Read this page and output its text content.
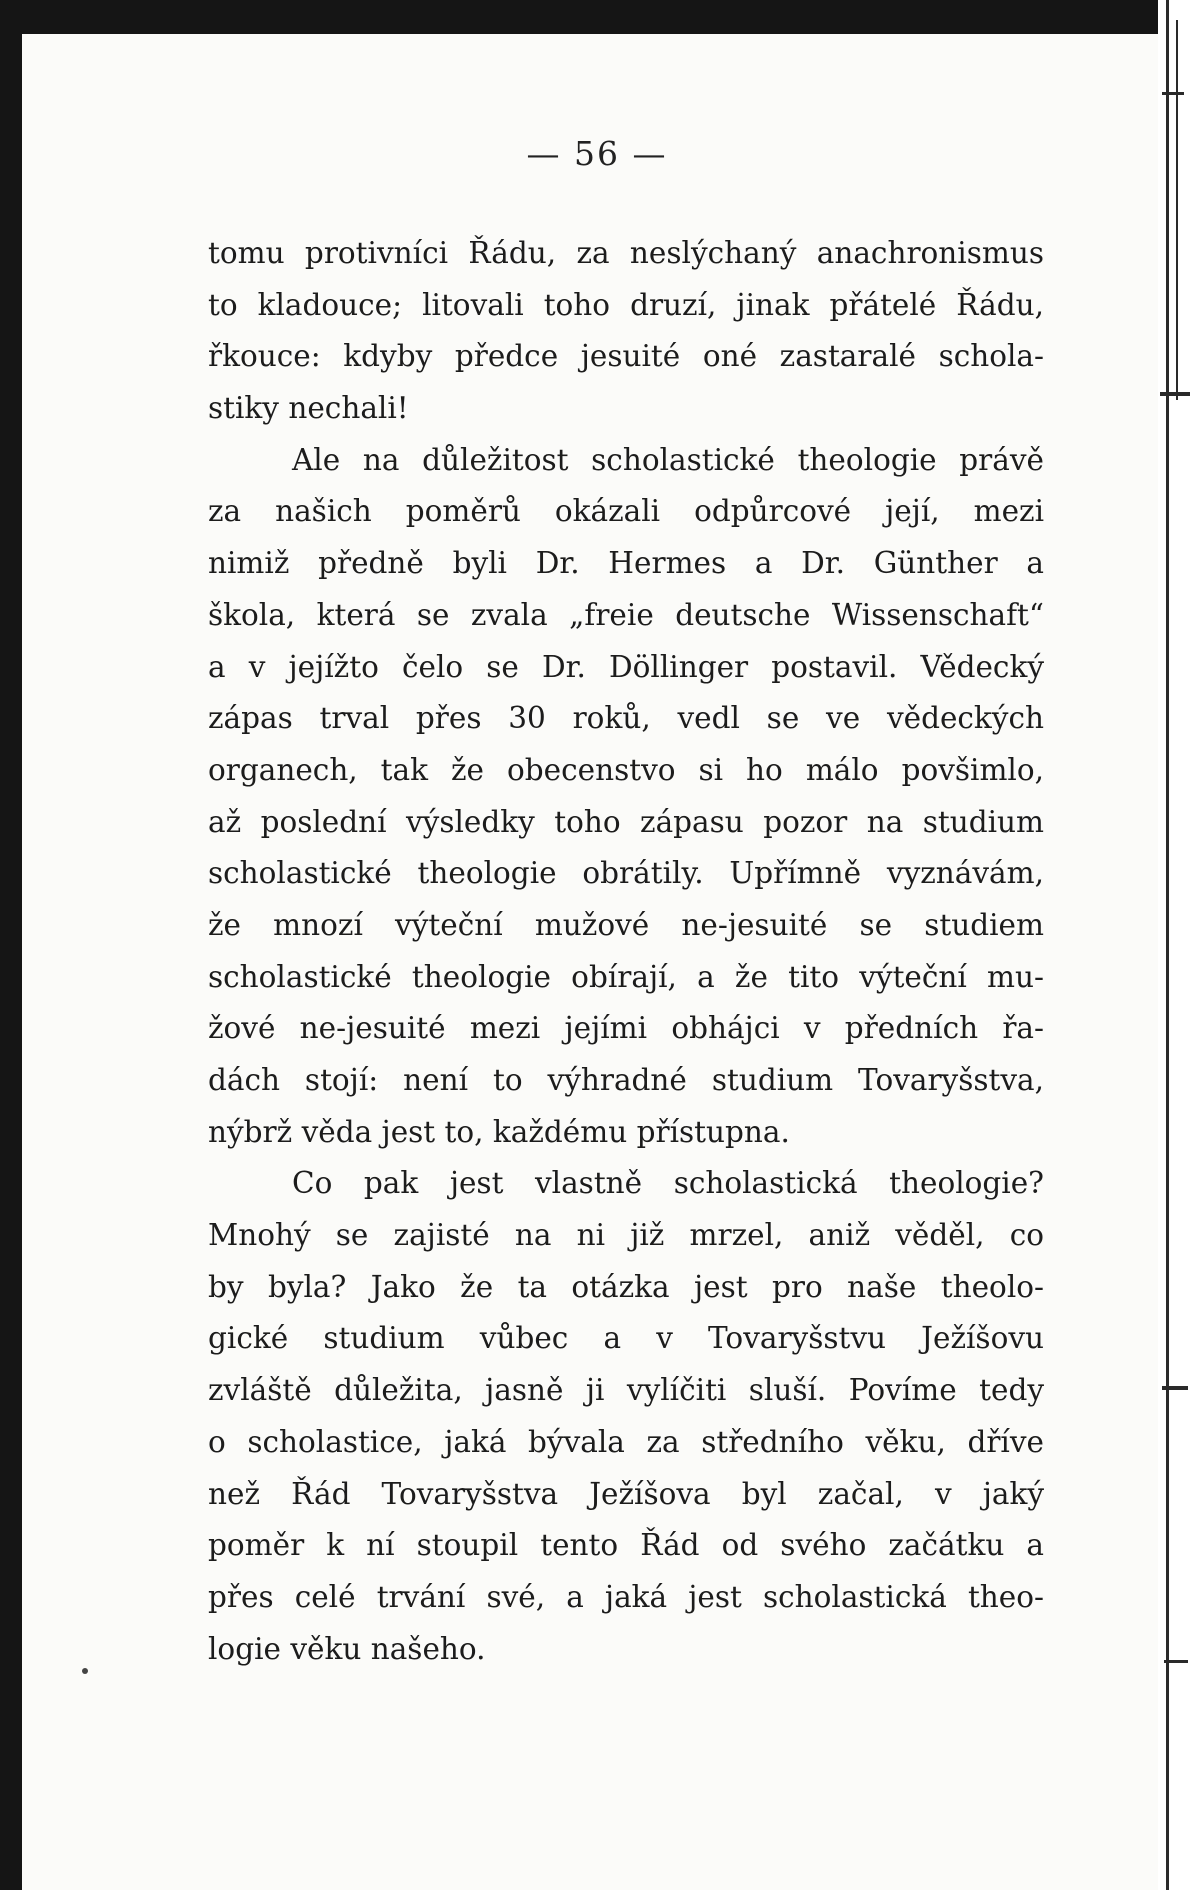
— 56 —
tomu protivníci Řádu, za neslýchaný anachronismus
to kladouce; litovali toho druzí, jinak přátelé Řádu,
řkouce: kdyby předce jesuité oné zastaralé schola-
stiky nechali!
Ale na důležitost scholastické theologie právě
za našich poměrů okázali odpůrcové její, mezi
nimiž předně byli Dr. Hermes a Dr. Günther a
škola, která se zvala „freie deutsche Wissenschaft“
a v jejížto čelo se Dr. Döllinger postavil. Vědecký
zápas trval přes 30 roků, vedl se ve vědeckých
organech, tak že obecenstvo si ho málo povšimlo,
až poslední výsledky toho zápasu pozor na studium
scholastické theologie obrátily. Upřímně vyznávám,
že mnozí výteční mužové ne-jesuité se studiem
scholastické theologie obírají, a že tito výteční mu-
žové ne-jesuité mezi jejími obhájci v předních řa-
dách stojí: není to výhradné studium Tovaryšstva,
nýbrž věda jest to, každému přístupna.
Co pak jest vlastně scholastická theologie?
Mnohý se zajisté na ni již mrzel, aniž věděl, co
by byla? Jako že ta otázka jest pro naše theolo-
gické studium vůbec a v Tovaryšstvu Ježíšovu
zvláště důležita, jasně ji vylíčiti sluší. Povíme tedy
o scholastice, jaká bývala za středního věku, dříve
než Řád Tovaryšstva Ježíšova byl začal, v jaký
poměr k ní stoupil tento Řád od svého začátku a
přes celé trvání své, a jaká jest scholastická theo-
logie věku našeho.
